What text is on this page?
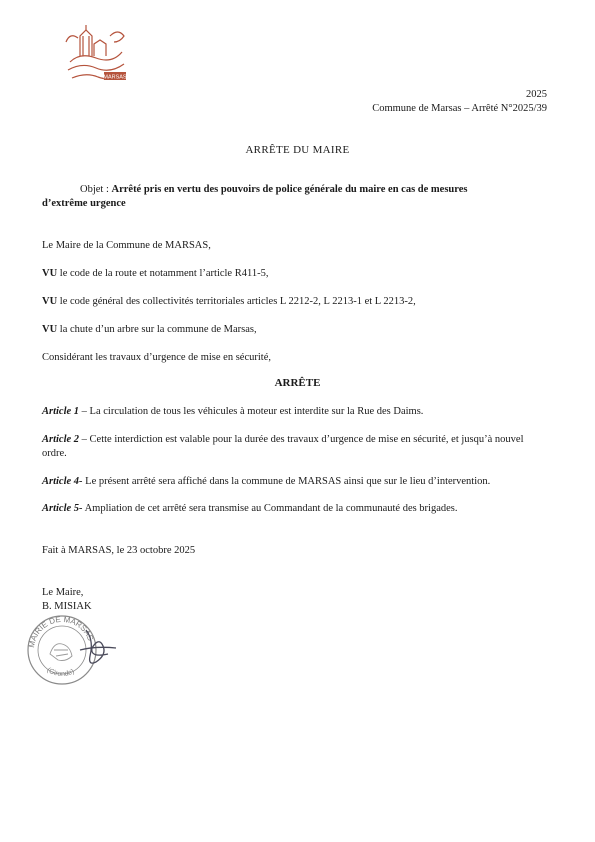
MARSAS
2025
Commune de Marsas – Arrêté N°2025/39
ARRÊTE DU MAIRE
Objet : Arrêté pris en vertu des pouvoirs de police générale du maire en cas de mesures
d’extrême urgence
Le Maire de la Commune de MARSAS,
VU le code de la route et notamment l’article R411-5,
VU le code général des collectivités territoriales articles L 2212-2, L 2213-1 et L 2213-2,
VU la chute d’un arbre sur la commune de Marsas,
Considérant les travaux d’urgence de mise en sécurité,
ARRÊTE
Article 1 – La circulation de tous les véhicules à moteur est interdite sur la Rue des Daims.
Article 2 – Cette interdiction est valable pour la durée des travaux d’urgence de mise en sécurité, et jusqu’à nouvel ordre.
Article 4- Le présent arrêté sera affiché dans la commune de MARSAS ainsi que sur le lieu d’intervention.
Article 5- Ampliation de cet arrêté sera transmise au Commandant de la communauté des brigades.
Fait à MARSAS, le 23 octobre 2025
Le Maire,
B. MISIAK
MAIRIE DE MARSAS
(Gironde)
